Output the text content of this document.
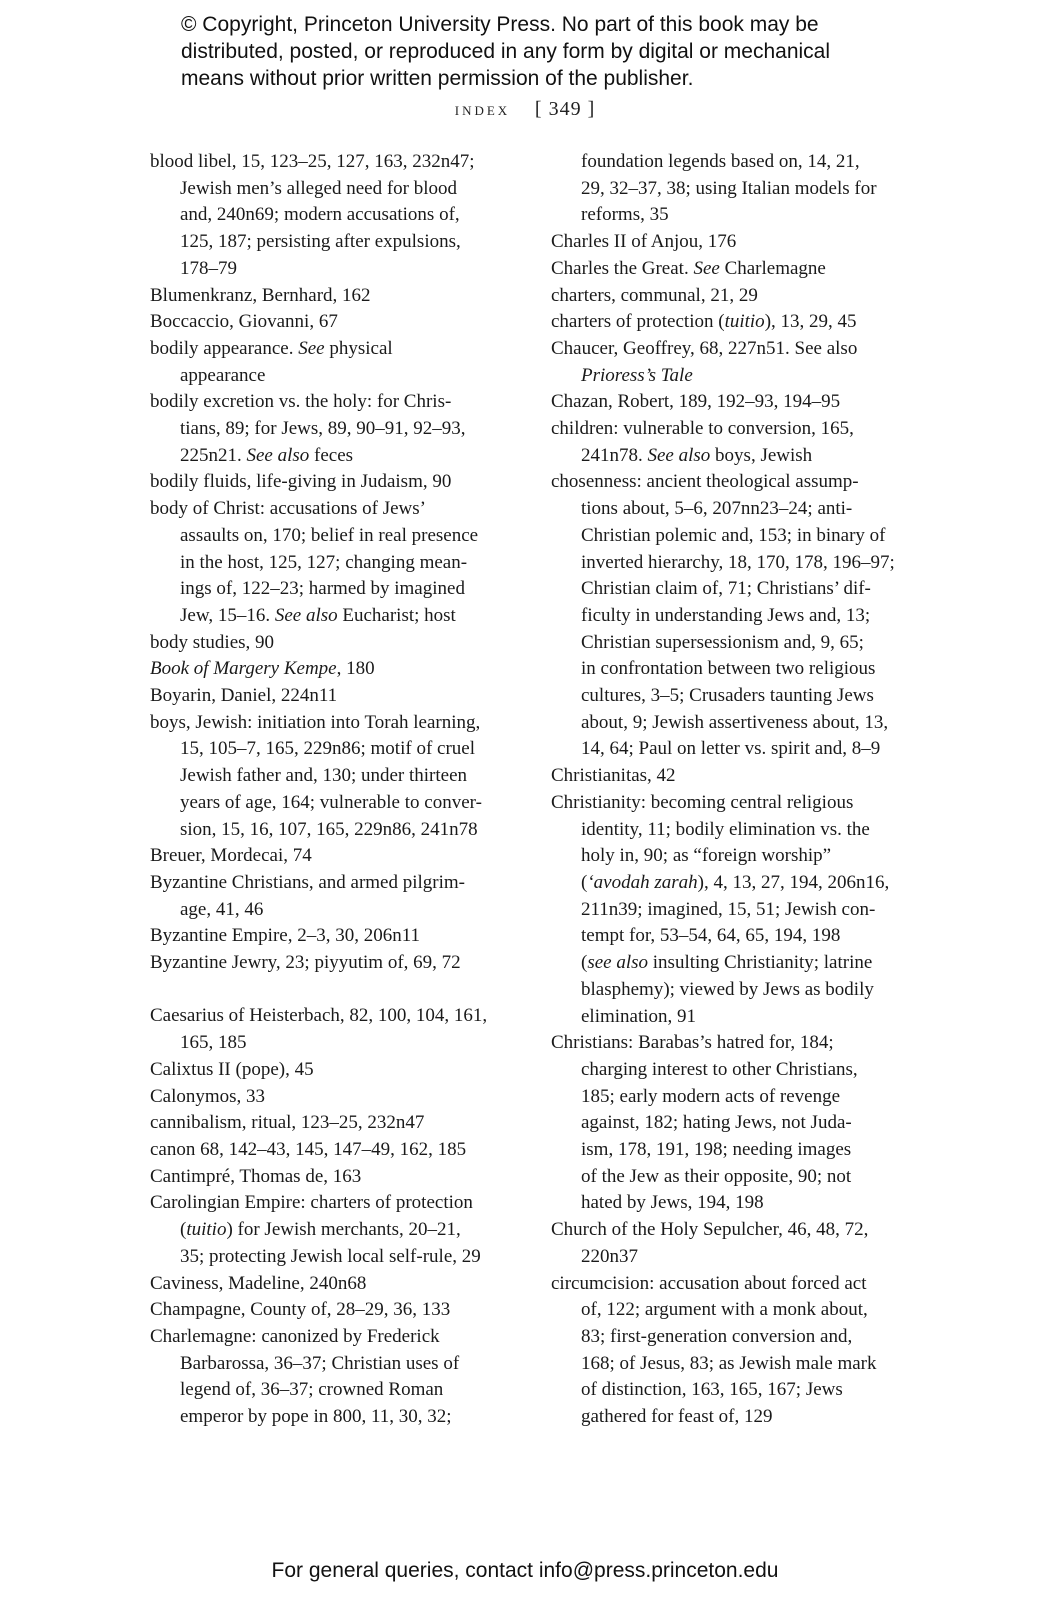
© Copyright, Princeton University Press. No part of this book may be

distributed, posted, or reproduced in any form by digital or mechanical

means without prior written permission of the publisher.

index [ 349 ]
blood libel, 15, 123–25, 127, 163, 232n47;
Jewish men’s alleged need for blood
and, 240n69; modern accusations of,
125, 187; persisting after expulsions,
178–79
Blumenkranz, Bernhard, 162
Boccaccio, Giovanni, 67
bodily appearance. See physical
appearance
bodily excretion vs. the holy: for Chris-
tians, 89; for Jews, 89, 90–91, 92–93,
225n21. See also feces
bodily fluids, life-giving in Judaism, 90
body of Christ: accusations of Jews’
assaults on, 170; belief in real presence
in the host, 125, 127; changing mean-
ings of, 122–23; harmed by imagined
Jew, 15–16. See also Eucharist; host
body studies, 90
Book of Margery Kempe, 180
Boyarin, Daniel, 224n11
boys, Jewish: initiation into Torah learning,
15, 105–7, 165, 229n86; motif of cruel
Jewish father and, 130; under thirteen
years of age, 164; vulnerable to conver-
sion, 15, 16, 107, 165, 229n86, 241n78
Breuer, Mordecai, 74
Byzantine Christians, and armed pilgrim-
age, 41, 46
Byzantine Empire, 2–3, 30, 206n11
Byzantine Jewry, 23; piyyutim of, 69, 72
Caesarius of Heisterbach, 82, 100, 104, 161,
165, 185
Calixtus II (pope), 45
Calonymos, 33
cannibalism, ritual, 123–25, 232n47
canon 68, 142–43, 145, 147–49, 162, 185
Cantimpré, Thomas de, 163
Carolingian Empire: charters of protection
(tuitio) for Jewish merchants, 20–21,
35; protecting Jewish local self-rule, 29
Caviness, Madeline, 240n68
Champagne, County of, 28–29, 36, 133
Charlemagne: canonized by Frederick
Barbarossa, 36–37; Christian uses of
legend of, 36–37; crowned Roman
emperor by pope in 800, 11, 30, 32;
foundation legends based on, 14, 21,
29, 32–37, 38; using Italian models for
reforms, 35
Charles II of Anjou, 176
Charles the Great. See Charlemagne
charters, communal, 21, 29
charters of protection (tuitio), 13, 29, 45
Chaucer, Geoffrey, 68, 227n51. See also
Prioress’s Tale
Chazan, Robert, 189, 192–93, 194–95
children: vulnerable to conversion, 165,
241n78. See also boys, Jewish
chosenness: ancient theological assump-
tions about, 5–6, 207nn23–24; anti-
Christian polemic and, 153; in binary of
inverted hierarchy, 18, 170, 178, 196–97;
Christian claim of, 71; Christians’ dif-
ficulty in understanding Jews and, 13;
Christian supersessionism and, 9, 65;
in confrontation between two religious
cultures, 3–5; Crusaders taunting Jews
about, 9; Jewish assertiveness about, 13,
14, 64; Paul on letter vs. spirit and, 8–9
Christianitas, 42
Christianity: becoming central religious
identity, 11; bodily elimination vs. the
holy in, 90; as “foreign worship”
(‘avodah zarah), 4, 13, 27, 194, 206n16,
211n39; imagined, 15, 51; Jewish con-
tempt for, 53–54, 64, 65, 194, 198
(see also insulting Christianity; latrine
blasphemy); viewed by Jews as bodily
elimination, 91
Christians: Barabas’s hatred for, 184;
charging interest to other Christians,
185; early modern acts of revenge
against, 182; hating Jews, not Juda-
ism, 178, 191, 198; needing images
of the Jew as their opposite, 90; not
hated by Jews, 194, 198
Church of the Holy Sepulcher, 46, 48, 72,
220n37
circumcision: accusation about forced act
of, 122; argument with a monk about,
83; first-generation conversion and,
168; of Jesus, 83; as Jewish male mark
of distinction, 163, 165, 167; Jews
gathered for feast of, 129
For general queries, contact info@press.princeton.edu
